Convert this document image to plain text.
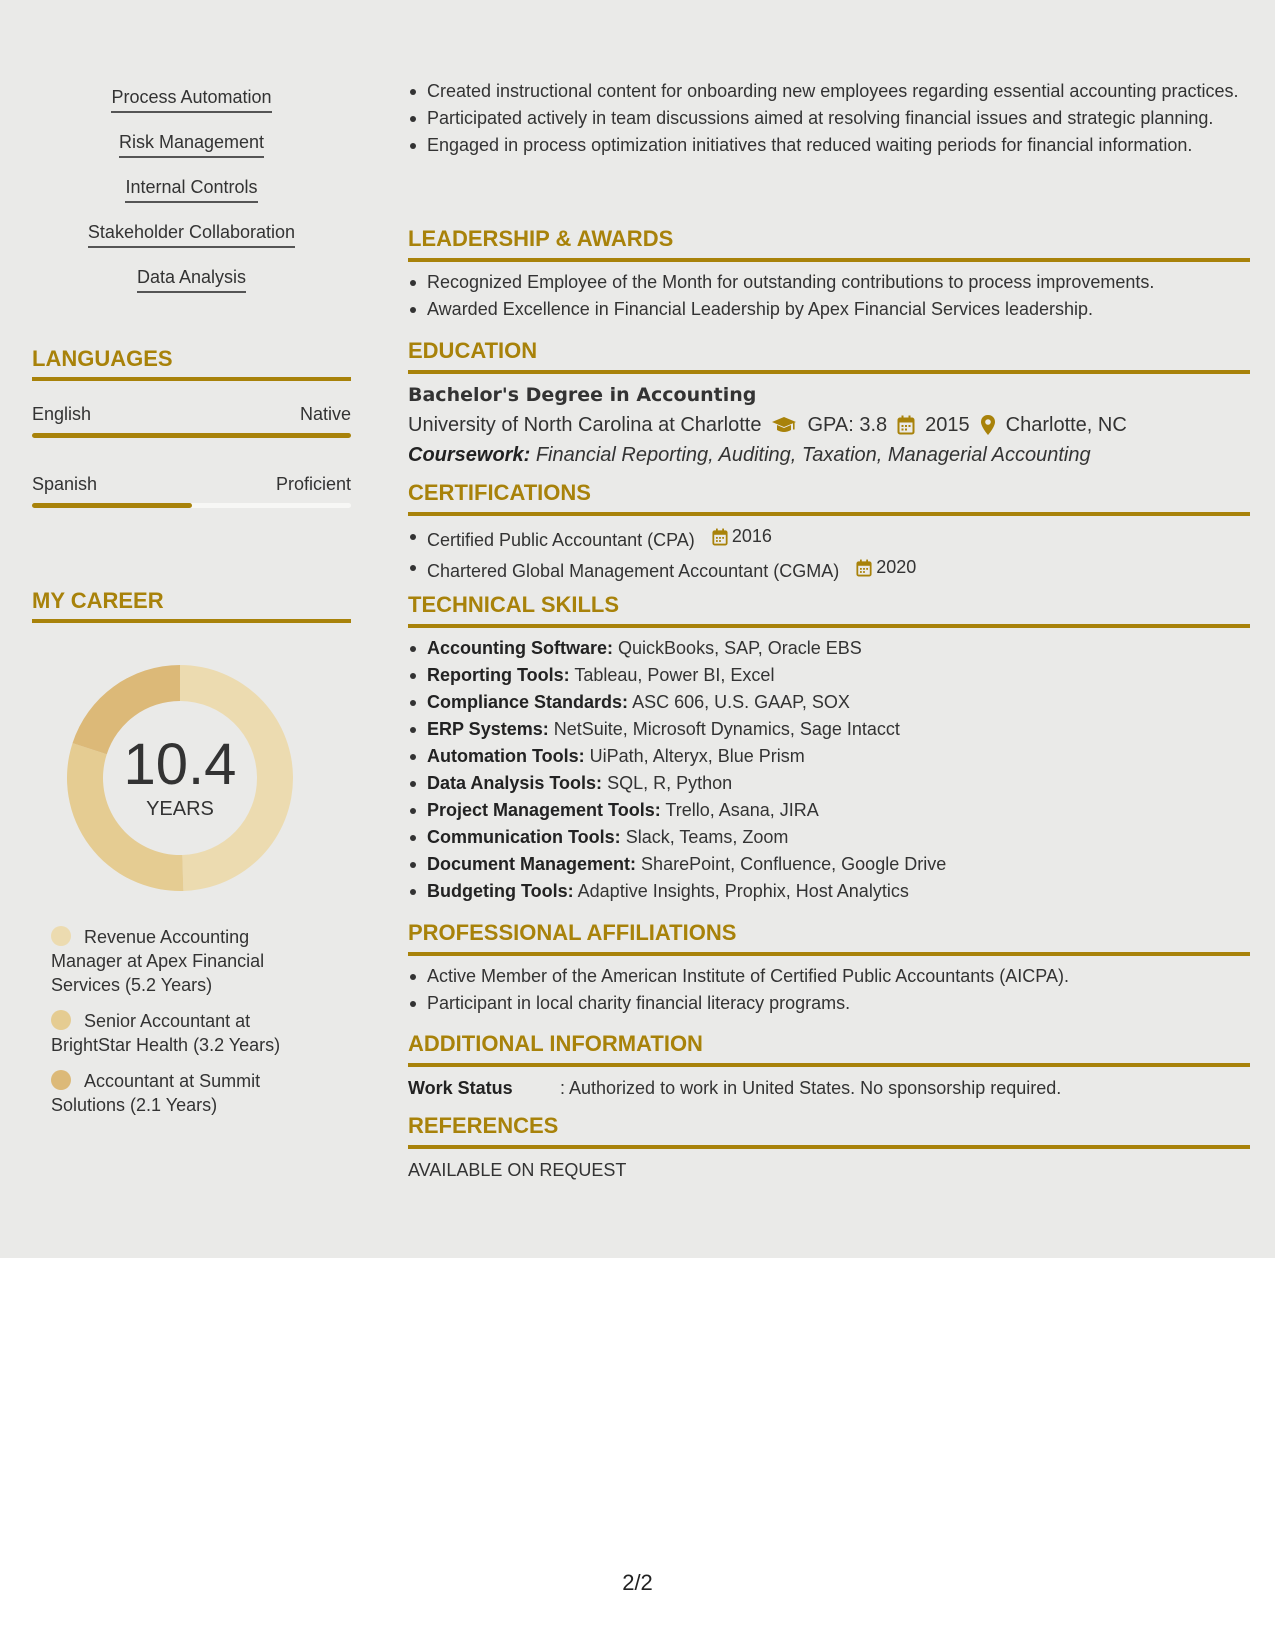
Process Automation
Risk Management
Internal Controls
Stakeholder Collaboration
Data Analysis
LANGUAGES
English	Native
Spanish	Proficient
MY CAREER
10.4
YEARS
Revenue Accounting Manager at Apex Financial Services (5.2 Years)
Senior Accountant at BrightStar Health (3.2 Years)
Accountant at Summit Solutions (2.1 Years)
Created instructional content for onboarding new employees regarding essential accounting practices.
Participated actively in team discussions aimed at resolving financial issues and strategic planning.
Engaged in process optimization initiatives that reduced waiting periods for financial information.
LEADERSHIP & AWARDS
Recognized Employee of the Month for outstanding contributions to process improvements.
Awarded Excellence in Financial Leadership by Apex Financial Services leadership.
EDUCATION
Bachelor's Degree in Accounting
University of North Carolina at Charlotte GPA: 3.8 2015 Charlotte, NC
Coursework: Financial Reporting, Auditing, Taxation, Managerial Accounting
CERTIFICATIONS
Certified Public Accountant (CPA) 2016
Chartered Global Management Accountant (CGMA) 2020
TECHNICAL SKILLS
Accounting Software: QuickBooks, SAP, Oracle EBS
Reporting Tools: Tableau, Power BI, Excel
Compliance Standards: ASC 606, U.S. GAAP, SOX
ERP Systems: NetSuite, Microsoft Dynamics, Sage Intacct
Automation Tools: UiPath, Alteryx, Blue Prism
Data Analysis Tools: SQL, R, Python
Project Management Tools: Trello, Asana, JIRA
Communication Tools: Slack, Teams, Zoom
Document Management: SharePoint, Confluence, Google Drive
Budgeting Tools: Adaptive Insights, Prophix, Host Analytics
PROFESSIONAL AFFILIATIONS
Active Member of the American Institute of Certified Public Accountants (AICPA).
Participant in local charity financial literacy programs.
ADDITIONAL INFORMATION
Work Status	: Authorized to work in United States. No sponsorship required.
REFERENCES
AVAILABLE ON REQUEST
2/2
